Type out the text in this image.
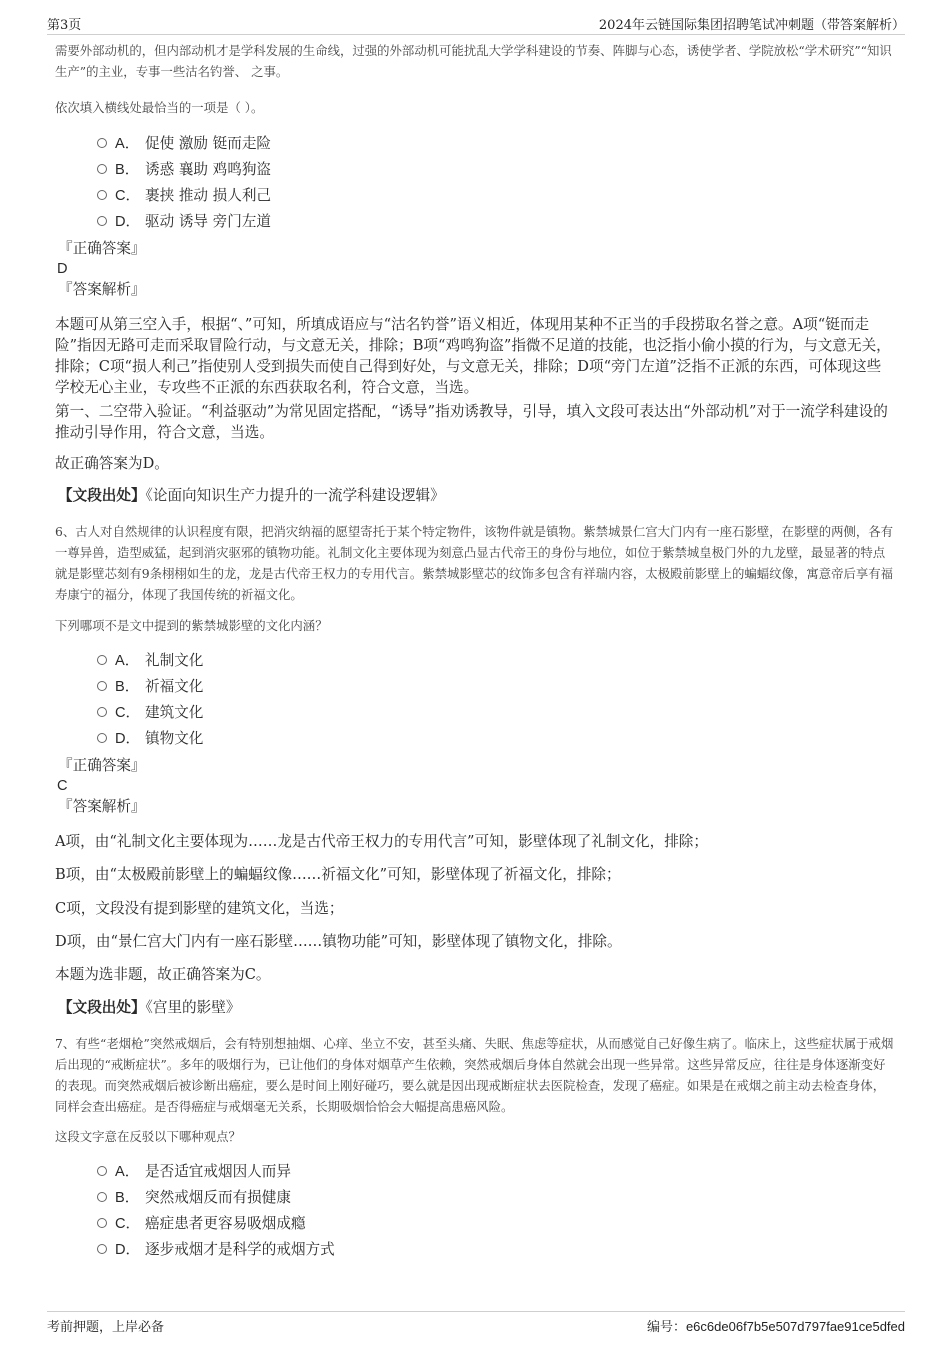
第3页	2024年云链国际集团招聘笔试冲刺题（带答案解析）
需要外部动机的，但内部动机才是学科发展的生命线，过强的外部动机可能扰乱大学学科建设的节奏、阵脚与心态，诱使学者、学院放松“学术研究”“知识生产”的主业，专事一些沽名钓誉、 之事。
依次填入横线处最恰当的一项是（ ）。
A． 促使 激励 铤而走险
B． 诱惑 襄助 鸡鸣狗盗
C． 裹挟 推动 损人利己
D． 驱动 诱导 旁门左道
『正确答案』
D
『答案解析』
本题可从第三空入手，根据“、”可知，所填成语应与“沽名钓誉”语义相近，体现用某种不正当的手段捞取名誉之意。A项“铤而走险”指因无路可走而采取冒险行动，与文意无关，排除；B项“鸡鸣狗盗”指微不足道的技能，也泛指小偷小摸的行为，与文意无关，排除；C项“损人利己”指使别人受到损失而使自己得到好处，与文意无关，排除；D项“旁门左道”泛指不正派的东西，可体现这些学校无心主业，专攻些不正派的东西获取名利，符合文意，当选。
第一、二空带入验证。“利益驱动”为常见固定搭配，“诱导”指劝诱教导，引导，填入文段可表达出“外部动机”对于一流学科建设的推动引导作用，符合文意，当选。
故正确答案为D。
【文段出处】《论面向知识生产力提升的一流学科建设逻辑》
6、古人对自然规律的认识程度有限，把消灾纳福的愿望寄托于某个特定物件，该物件就是镇物。紫禁城景仁宫大门内有一座石影壁，在影壁的两侧，各有一尊异兽，造型威猛，起到消灾驱邪的镇物功能。礼制文化主要体现为刻意凸显古代帝王的身份与地位，如位于紫禁城皇极门外的九龙壁，最显著的特点就是影壁芯刻有9条栩栩如生的龙，龙是古代帝王权力的专用代言。紫禁城影壁芯的纹饰多包含有祥瑞内容，太极殿前影壁上的蝙蝠纹像，寓意帝后享有福寿康宁的福分，体现了我国传统的祈福文化。
下列哪项不是文中提到的紫禁城影壁的文化内涵？
A． 礼制文化
B． 祈福文化
C． 建筑文化
D． 镇物文化
『正确答案』
C
『答案解析』
A项，由“礼制文化主要体现为……龙是古代帝王权力的专用代言”可知，影壁体现了礼制文化，排除；
B项，由“太极殿前影壁上的蝙蝠纹像……祈福文化”可知，影壁体现了祈福文化，排除；
C项，文段没有提到影壁的建筑文化，当选；
D项，由“景仁宫大门内有一座石影壁……镇物功能”可知，影壁体现了镇物文化，排除。
本题为选非题，故正确答案为C。
【文段出处】《宫里的影壁》
7、有些“老烟枪”突然戒烟后，会有特别想抽烟、心痒、坐立不安，甚至头痛、失眠、焦虑等症状，从而感觉自己好像生病了。临床上，这些症状属于戒烟后出现的“戒断症状”。多年的吸烟行为，已让他们的身体对烟草产生依赖，突然戒烟后身体自然就会出现一些异常。这些异常反应，往往是身体逐渐变好的表现。而突然戒烟后被诊断出癌症，要么是时间上刚好碰巧，要么就是因出现戒断症状去医院检查，发现了癌症。如果是在戒烟之前主动去检查身体，同样会查出癌症。是否得癌症与戒烟毫无关系，长期吸烟恰恰会大幅提高患癌风险。
这段文字意在反驳以下哪种观点？
A． 是否适宜戒烟因人而异
B． 突然戒烟反而有损健康
C． 癌症患者更容易吸烟成瘾
D． 逐步戒烟才是科学的戒烟方式
考前押题，上岸必备	编号：e6c6de06f7b5e507d797fae91ce5dfed
